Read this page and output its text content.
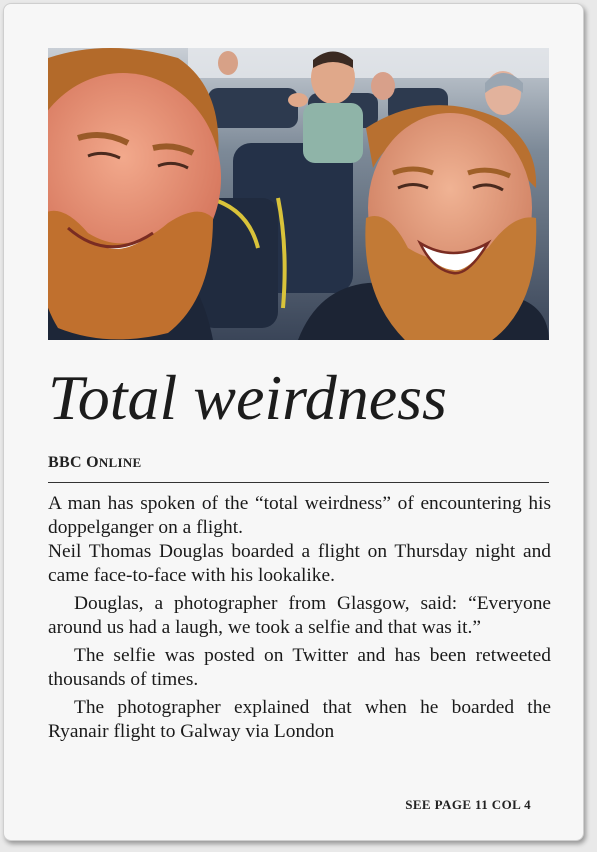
Total weirdness
BBC ONLINE

A man has spoken of the “total weirdness” of encountering his doppelganger on a flight.

Neil Thomas Douglas boarded a flight on Thursday night and came face-to-face with his lookalike.

Douglas, a photographer from Glasgow, said: “Everyone around us had a laugh, we took a selfie and that was it.”

The selfie was posted on Twitter and has been retweeted thousands of times.

The photographer explained that when he boarded the Ryanair flight to Galway via London

SEE PAGE 11 COL 4
